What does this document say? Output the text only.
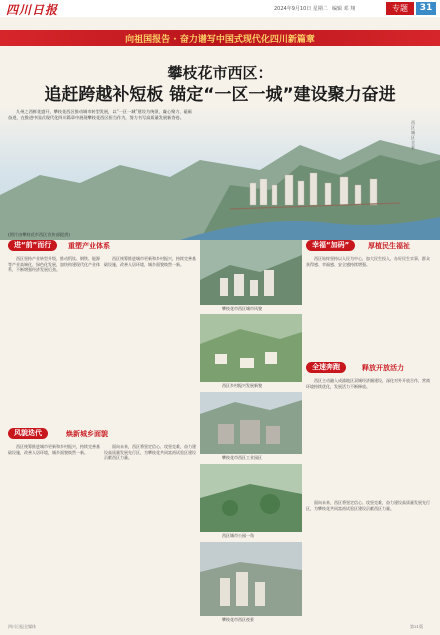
四川日报	2024年9月10日 星期二 编辑 邓 翔	专题	31
向祖国报告 · 奋力谱写中国式现代化四川新篇章
攀枝花市西区：
追赶跨越补短板 锚定“一区一城”建设聚力奋进
九州之西鲜花盛开，攀枝花西区推动城市转型发展，以“一区一城”建设为统领，凝心聚力、砥砺奋进，在推进中国式现代化四川篇章中展现攀枝花西区担当作为，努力书写高质量发展新答卷。
西区城区全景
(图片由攀枝花市西区宣传部提供)
进“前”而行	重塑产业体系

西区坚持产业转型升级，推动钒钛、钢铁、能源等产业高端化、绿色化发展，加快构建现代化产业体系，不断增强经济发展后劲。

西区统筹推进城市更新和乡村振兴，持续完善基础设施，改善人居环境，城乡面貌焕然一新。

风貌迭代	焕新城乡面貌

西区统筹推进城市更新和乡村振兴，持续完善基础设施，改善人居环境，城乡面貌焕然一新。

面向未来，西区将坚定信心、攻坚克难，奋力建设高质量发展先行区，为攀枝花共同富裕试验区建设贡献西区力量。

攀枝花市西区城市风貌
西区乡村振兴发展新貌
攀枝花市西区工业园区
西区城市公园一角
攀枝花市西区夜景
幸福“加码”	厚植民生福祉

西区始终坚持以人民为中心，加大民生投入，办好民生实事，群众获得感、幸福感、安全感持续增强。

全速奔跑	释放开放活力

西区主动融入成渝地区双城经济圈建设，深化对外开放合作，营商环境持续优化，发展活力不断释放。

面向未来，西区将坚定信心、攻坚克难，奋力建设高质量发展先行区，为攀枝花共同富裕试验区建设贡献西区力量。

四川日报全媒体	第31版
